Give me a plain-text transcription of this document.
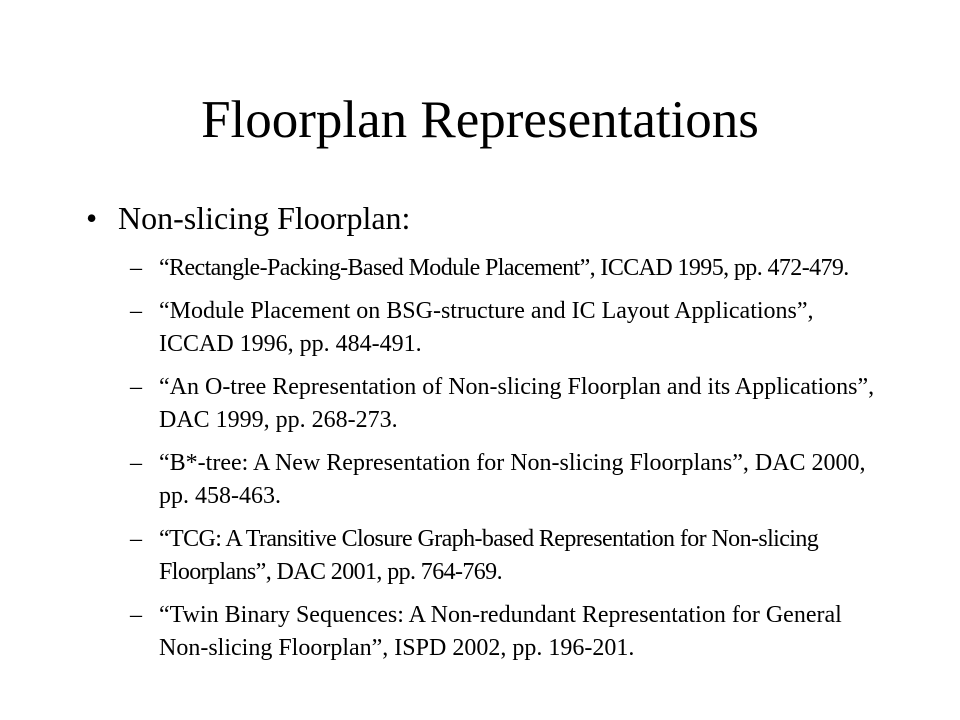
Floorplan Representations
• Non-slicing Floorplan:
– “Rectangle-Packing-Based Module Placement”, ICCAD 1995, pp. 472-479.
– “Module Placement on BSG-structure and IC Layout Applications”, ICCAD 1996, pp. 484-491.
– “An O-tree Representation of Non-slicing Floorplan and its Applications”, DAC 1999, pp. 268-273.
– “B*-tree: A New Representation for Non-slicing Floorplans”, DAC 2000, pp. 458-463.
– “TCG: A Transitive Closure Graph-based Representation for Non-slicing Floorplans”, DAC 2001, pp. 764-769.
– “Twin Binary Sequences: A Non-redundant Representation for General Non-slicing Floorplan”, ISPD 2002, pp. 196-201.
